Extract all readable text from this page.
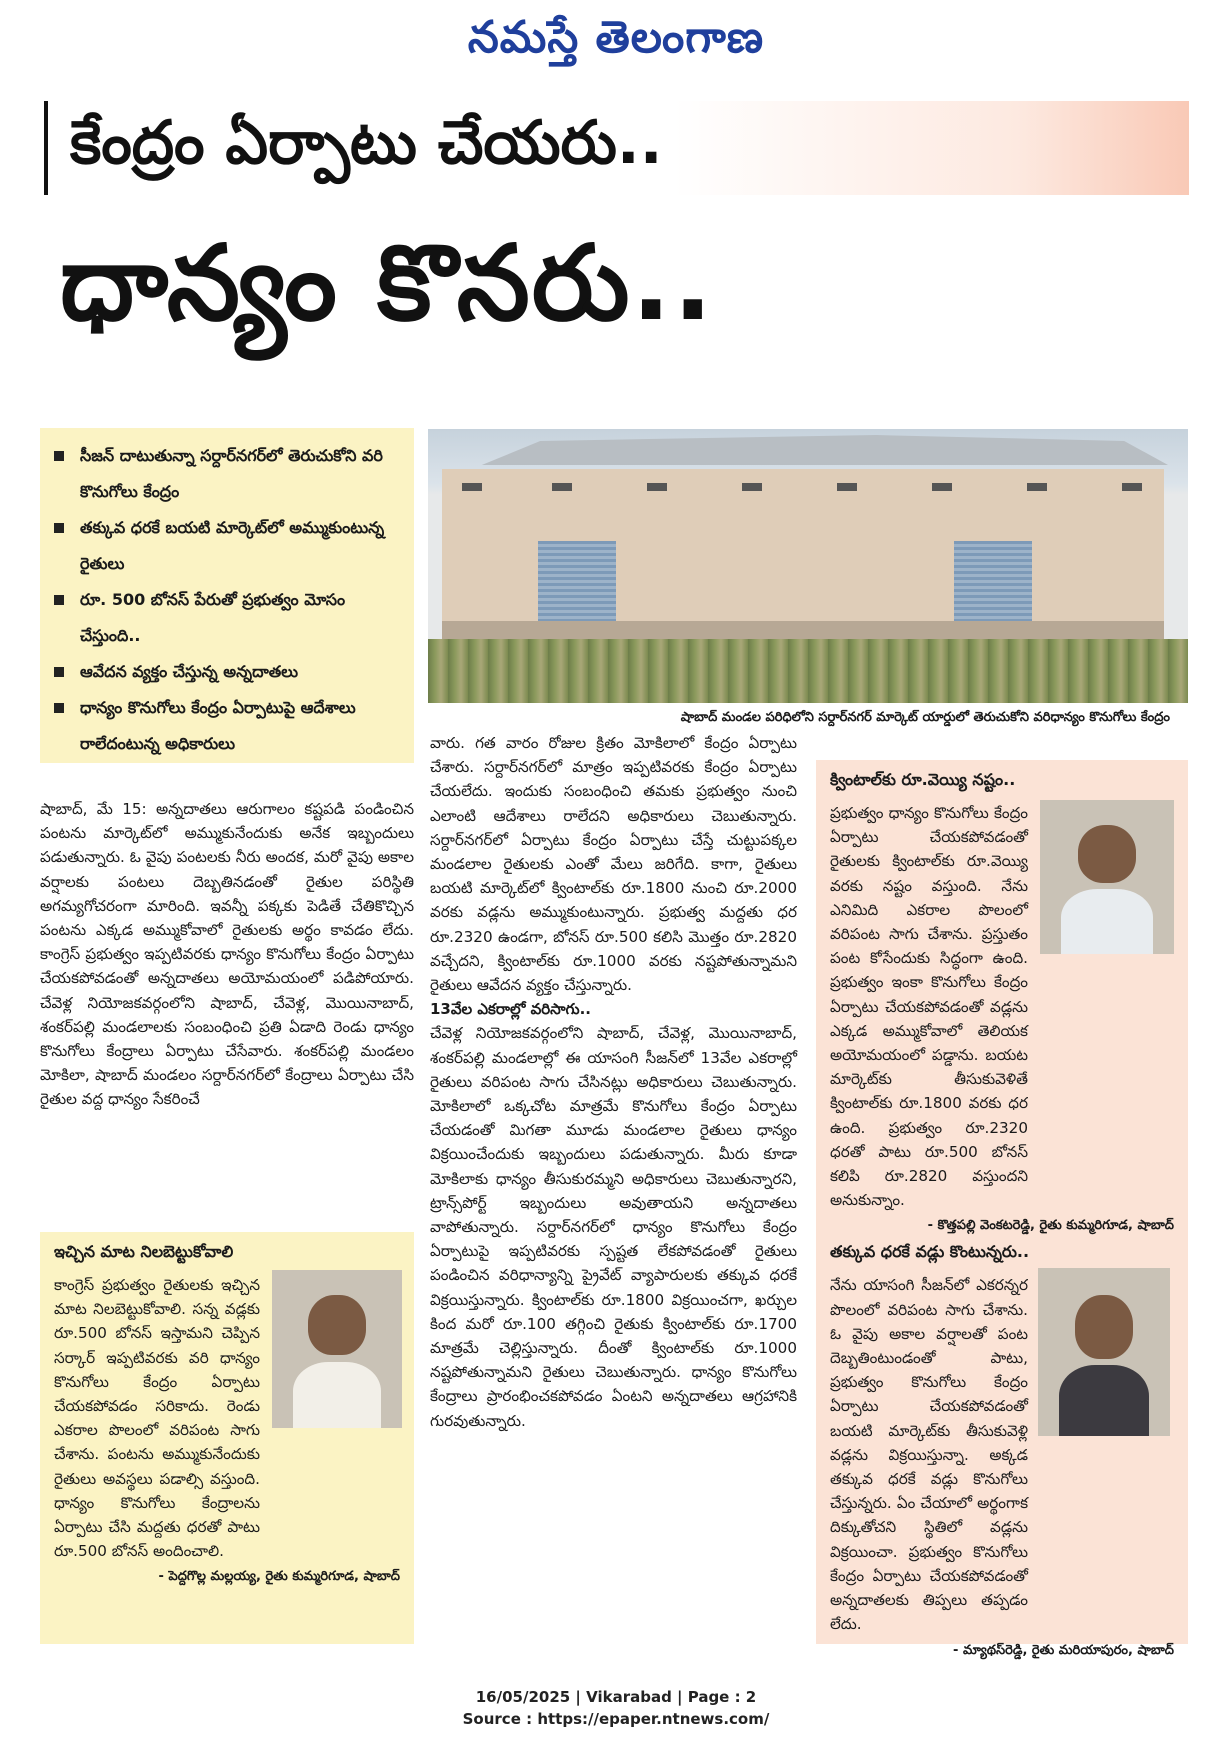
నమస్తే తెలంగాణ
కేంద్రం ఏర్పాటు చేయరు..
ధాన్యం కొనరు..
సీజన్ దాటుతున్నా సర్దార్‌నగర్‌లో తెరుచుకోని వరి కొనుగోలు కేంద్రం
తక్కువ ధరకే బయటి మార్కెట్‌లో అమ్ముకుంటున్న రైతులు
రూ. 500 బోనస్ పేరుతో ప్రభుత్వం మోసం చేస్తుంది..
ఆవేదన వ్యక్తం చేస్తున్న అన్నదాతలు
ధాన్యం కొనుగోలు కేంద్రం ఏర్పాటుపై ఆదేశాలు రాలేదంటున్న అధికారులు
షాబాద్ మండల పరిధిలోని సర్దార్‌నగర్ మార్కెట్ యార్డులో తెరుచుకోని వరిధాన్యం కొనుగోలు కేంద్రం
షాబాద్, మే 15: అన్నదాతలు ఆరుగాలం కష్టపడి పండించిన పంటను మార్కెట్‌లో అమ్ముకునేందుకు అనేక ఇబ్బందులు పడుతున్నారు. ఓ వైపు పంటలకు నీరు అందక, మరో వైపు అకాల వర్షాలకు పంటలు దెబ్బతినడంతో రైతుల పరిస్థితి అగమ్యగోచరంగా మారింది. ఇవన్నీ పక్కకు పెడితే చేతికొచ్చిన పంటను ఎక్కడ అమ్ముకోవాలో రైతులకు అర్థం కావడం లేదు. కాంగ్రెస్ ప్రభుత్వం ఇప్పటివరకు ధాన్యం కొనుగోలు కేంద్రం ఏర్పాటు చేయకపోవడంతో అన్నదాతలు అయోమయంలో పడిపోయారు. చేవెళ్ల నియోజకవర్గంలోని షాబాద్, చేవెళ్ల, మొయినాబాద్, శంకర్‌పల్లి మండలాలకు సంబంధించి ప్రతి ఏడాది రెండు ధాన్యం కొనుగోలు కేంద్రాలు ఏర్పాటు చేసేవారు. శంకర్‌పల్లి మండలం మోకిలా, షాబాద్ మండలం సర్దార్‌నగర్‌లో కేంద్రాలు ఏర్పాటు చేసి రైతుల వద్ద ధాన్యం సేకరించే
వారు. గత వారం రోజుల క్రితం మోకిలాలో కేంద్రం ఏర్పాటు చేశారు. సర్దార్‌నగర్‌లో మాత్రం ఇప్పటివరకు కేంద్రం ఏర్పాటు చేయలేదు. ఇందుకు సంబంధించి తమకు ప్రభుత్వం నుంచి ఎలాంటి ఆదేశాలు రాలేదని అధికారులు చెబుతున్నారు. సర్దార్‌నగర్‌లో ఏర్పాటు కేంద్రం ఏర్పాటు చేస్తే చుట్టుపక్కల మండలాల రైతులకు ఎంతో మేలు జరిగేది. కాగా, రైతులు బయటి మార్కెట్‌లో క్వింటాల్‌కు రూ.1800 నుంచి రూ.2000 వరకు వడ్లను అమ్ముకుంటున్నారు. ప్రభుత్వ మద్దతు ధర రూ.2320 ఉండగా, బోనస్ రూ.500 కలిసి మొత్తం రూ.2820 వచ్చేదని, క్వింటాల్‌కు రూ.1000 వరకు నష్టపోతున్నామని రైతులు ఆవేదన వ్యక్తం చేస్తున్నారు.
13వేల ఎకరాల్లో వరిసాగు..
చేవెళ్ల నియోజకవర్గంలోని షాబాద్, చేవెళ్ల, మొయినాబాద్, శంకర్‌పల్లి మండలాల్లో ఈ యాసంగి సీజన్‌లో 13వేల ఎకరాల్లో రైతులు వరిపంట సాగు చేసినట్లు అధికారులు చెబుతున్నారు. మోకిలాలో ఒక్కచోట మాత్రమే కొనుగోలు కేంద్రం ఏర్పాటు చేయడంతో మిగతా మూడు మండలాల రైతులు ధాన్యం విక్రయించేందుకు ఇబ్బందులు పడుతున్నారు. మీరు కూడా మోకిలాకు ధాన్యం తీసుకురమ్మని అధికారులు చెబుతున్నారని, ట్రాన్స్‌పోర్ట్ ఇబ్బందులు అవుతాయని అన్నదాతలు వాపోతున్నారు. సర్దార్‌నగర్‌లో ధాన్యం కొనుగోలు కేంద్రం ఏర్పాటుపై ఇప్పటివరకు స్పష్టత లేకపోవడంతో రైతులు పండించిన వరిధాన్యాన్ని ప్రైవేట్ వ్యాపారులకు తక్కువ ధరకే విక్రయిస్తున్నారు. క్వింటాల్‌కు రూ.1800 విక్రయించగా, ఖర్చుల కింద మరో రూ.100 తగ్గించి రైతుకు క్వింటాల్‌కు రూ.1700 మాత్రమే చెల్లిస్తున్నారు. దీంతో క్వింటాల్‌కు రూ.1000 నష్టపోతున్నామని రైతులు చెబుతున్నారు. ధాన్యం కొనుగోలు కేంద్రాలు ప్రారంభించకపోవడం ఏంటని అన్నదాతలు ఆగ్రహానికి గురవుతున్నారు.
ఇచ్చిన మాట నిలబెట్టుకోవాలి
కాంగ్రెస్ ప్రభుత్వం రైతులకు ఇచ్చిన మాట నిలబెట్టుకోవాలి. సన్న వడ్లకు రూ.500 బోనస్ ఇస్తామని చెప్పిన సర్కార్ ఇప్పటివరకు వరి ధాన్యం కొనుగోలు కేంద్రం ఏర్పాటు చేయకపోవడం సరికాదు. రెండు ఎకరాల పొలంలో వరిపంట సాగు చేశాను. పంటను అమ్ముకునేందుకు రైతులు అవస్థలు పడాల్సి వస్తుంది. ధాన్యం కొనుగోలు కేంద్రాలను ఏర్పాటు చేసి మద్దతు ధరతో పాటు రూ.500 బోనస్ అందించాలి.
- పెద్దగొల్ల మల్లయ్య, రైతు కుమ్మరిగూడ, షాబాద్
క్వింటాల్‌కు రూ.వెయ్యి నష్టం..
ప్రభుత్వం ధాన్యం కొనుగోలు కేంద్రం ఏర్పాటు చేయకపోవడంతో రైతులకు క్వింటాల్‌కు రూ.వెయ్యి వరకు నష్టం వస్తుంది. నేను ఎనిమిది ఎకరాల పొలంలో వరిపంట సాగు చేశాను. ప్రస్తుతం పంట కోసేందుకు సిద్ధంగా ఉంది. ప్రభుత్వం ఇంకా కొనుగోలు కేంద్రం ఏర్పాటు చేయకపోవడంతో వడ్లను ఎక్కడ అమ్ముకోవాలో తెలియక అయోమయంలో పడ్డాను. బయట మార్కెట్‌కు తీసుకువెళితే క్వింటాల్‌కు రూ.1800 వరకు ధర ఉంది. ప్రభుత్వం రూ.2320 ధరతో పాటు రూ.500 బోనస్ కలిపి రూ.2820 వస్తుందని అనుకున్నాం.
- కొత్తపల్లి వెంకటరెడ్డి, రైతు కుమ్మరిగూడ, షాబాద్
తక్కువ ధరకే వడ్లు కొంటున్నరు..
నేను యాసంగి సీజన్‌లో ఎకరన్నర పొలంలో వరిపంట సాగు చేశాను. ఓ వైపు అకాల వర్షాలతో పంట దెబ్బతింటుండంతో పాటు, ప్రభుత్వం కొనుగోలు కేంద్రం ఏర్పాటు చేయకపోవడంతో బయటి మార్కెట్‌కు తీసుకువెళ్లి వడ్లను విక్రయిస్తున్నా. అక్కడ తక్కువ ధరకే వడ్లు కొనుగోలు చేస్తున్నరు. ఏం చేయాలో అర్థంగాక దిక్కుతోచని స్థితిలో వడ్లను విక్రయించా. ప్రభుత్వం కొనుగోలు కేంద్రం ఏర్పాటు చేయకపోవడంతో అన్నదాతలకు తిప్పలు తప్పడం లేదు.
- మ్యాథస్‌రెడ్డి, రైతు మరియాపురం, షాబాద్
16/05/2025 | Vikarabad | Page : 2
Source : https://epaper.ntnews.com/
